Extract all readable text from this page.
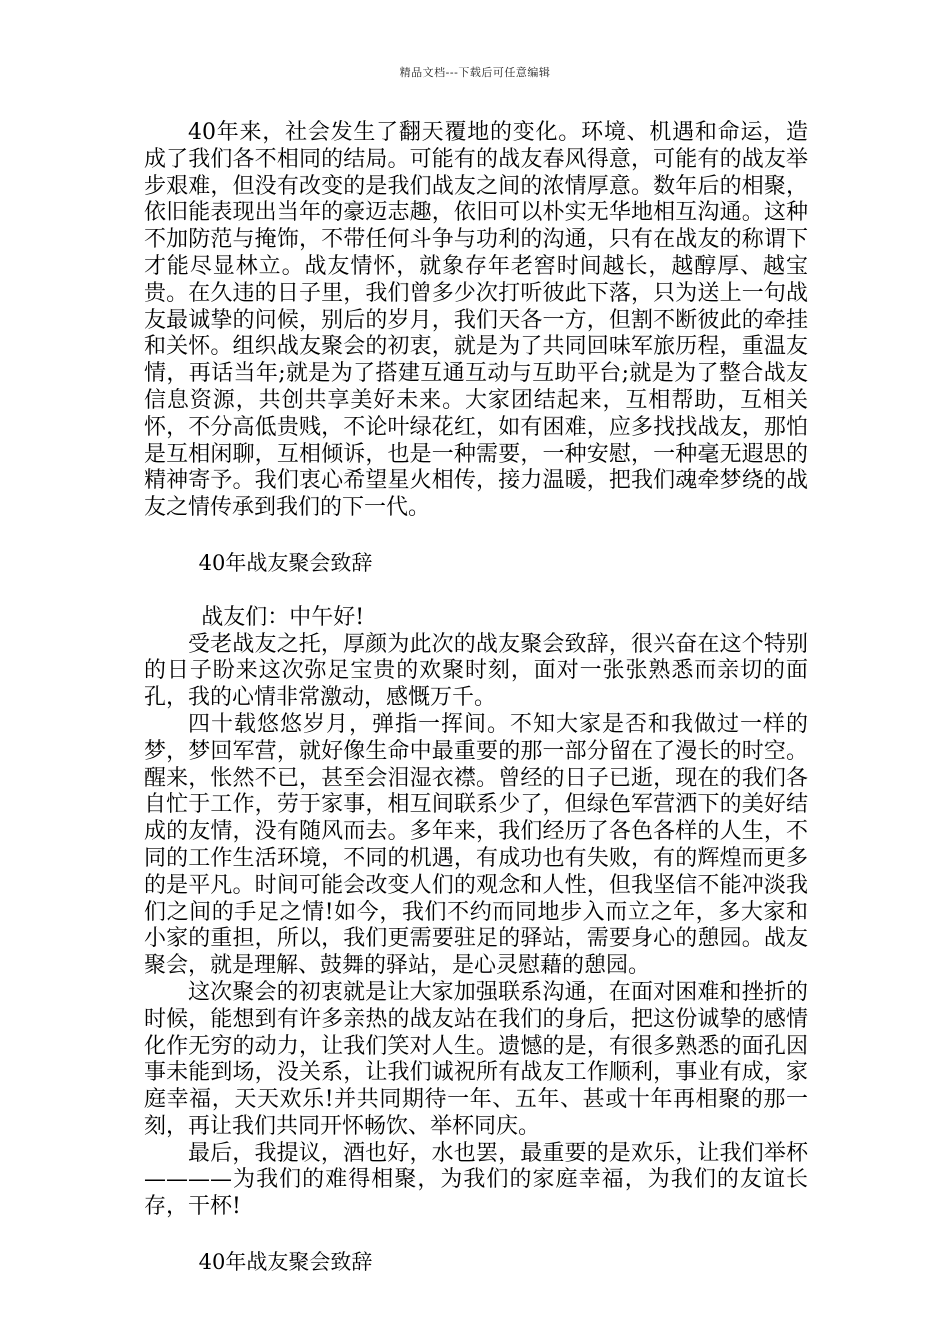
精品文档---下载后可任意编辑

40年来，社会发生了翻天覆地的变化。环境、机遇和命运，造成了我们各不相同的结局。可能有的战友春风得意，可能有的战友举步艰难，但没有改变的是我们战友之间的浓情厚意。数年后的相聚，依旧能表现出当年的豪迈志趣，依旧可以朴实无华地相互沟通。这种不加防范与掩饰，不带任何斗争与功利的沟通，只有在战友的称谓下才能尽显林立。战友情怀，就象存年老窖时间越长，越醇厚、越宝贵。在久违的日子里，我们曾多少次打听彼此下落，只为送上一句战友最诚挚的问候，别后的岁月，我们天各一方，但割不断彼此的牵挂和关怀。组织战友聚会的初衷，就是为了共同回味军旅历程，重温友情，再话当年;就是为了搭建互通互动与互助平台;就是为了整合战友信息资源，共创共享美好未来。大家团结起来，互相帮助，互相关怀，不分高低贵贱，不论叶绿花红，如有困难，应多找找战友，那怕是互相闲聊，互相倾诉，也是一种需要，一种安慰，一种毫无遐思的精神寄予。我们衷心希望星火相传，接力温暖，把我们魂牵梦绕的战友之情传承到我们的下一代。

40年战友聚会致辞

战友们：中午好!

受老战友之托，厚颜为此次的战友聚会致辞，很兴奋在这个特别的日子盼来这次弥足宝贵的欢聚时刻，面对一张张熟悉而亲切的面孔，我的心情非常激动，感慨万千。

四十载悠悠岁月，弹指一挥间。不知大家是否和我做过一样的梦，梦回军营，就好像生命中最重要的那一部分留在了漫长的时空。醒来，怅然不已，甚至会泪湿衣襟。曾经的日子已逝，现在的我们各自忙于工作，劳于家事，相互间联系少了，但绿色军营洒下的美好结成的友情，没有随风而去。多年来，我们经历了各色各样的人生，不同的工作生活环境，不同的机遇，有成功也有失败，有的辉煌而更多的是平凡。时间可能会改变人们的观念和人性，但我坚信不能冲淡我们之间的手足之情!如今，我们不约而同地步入而立之年，多大家和小家的重担，所以，我们更需要驻足的驿站，需要身心的憩园。战友聚会，就是理解、鼓舞的驿站，是心灵慰藉的憩园。

这次聚会的初衷就是让大家加强联系沟通，在面对困难和挫折的时候，能想到有许多亲热的战友站在我们的身后，把这份诚挚的感情化作无穷的动力，让我们笑对人生。遗憾的是，有很多熟悉的面孔因事未能到场，没关系，让我们诚祝所有战友工作顺利，事业有成，家庭幸福，天天欢乐!并共同期待一年、五年、甚或十年再相聚的那一刻，再让我们共同开怀畅饮、举杯同庆。

最后，我提议，酒也好，水也罢，最重要的是欢乐，让我们举杯————为我们的难得相聚，为我们的家庭幸福，为我们的友谊长存，干杯!

40年战友聚会致辞
